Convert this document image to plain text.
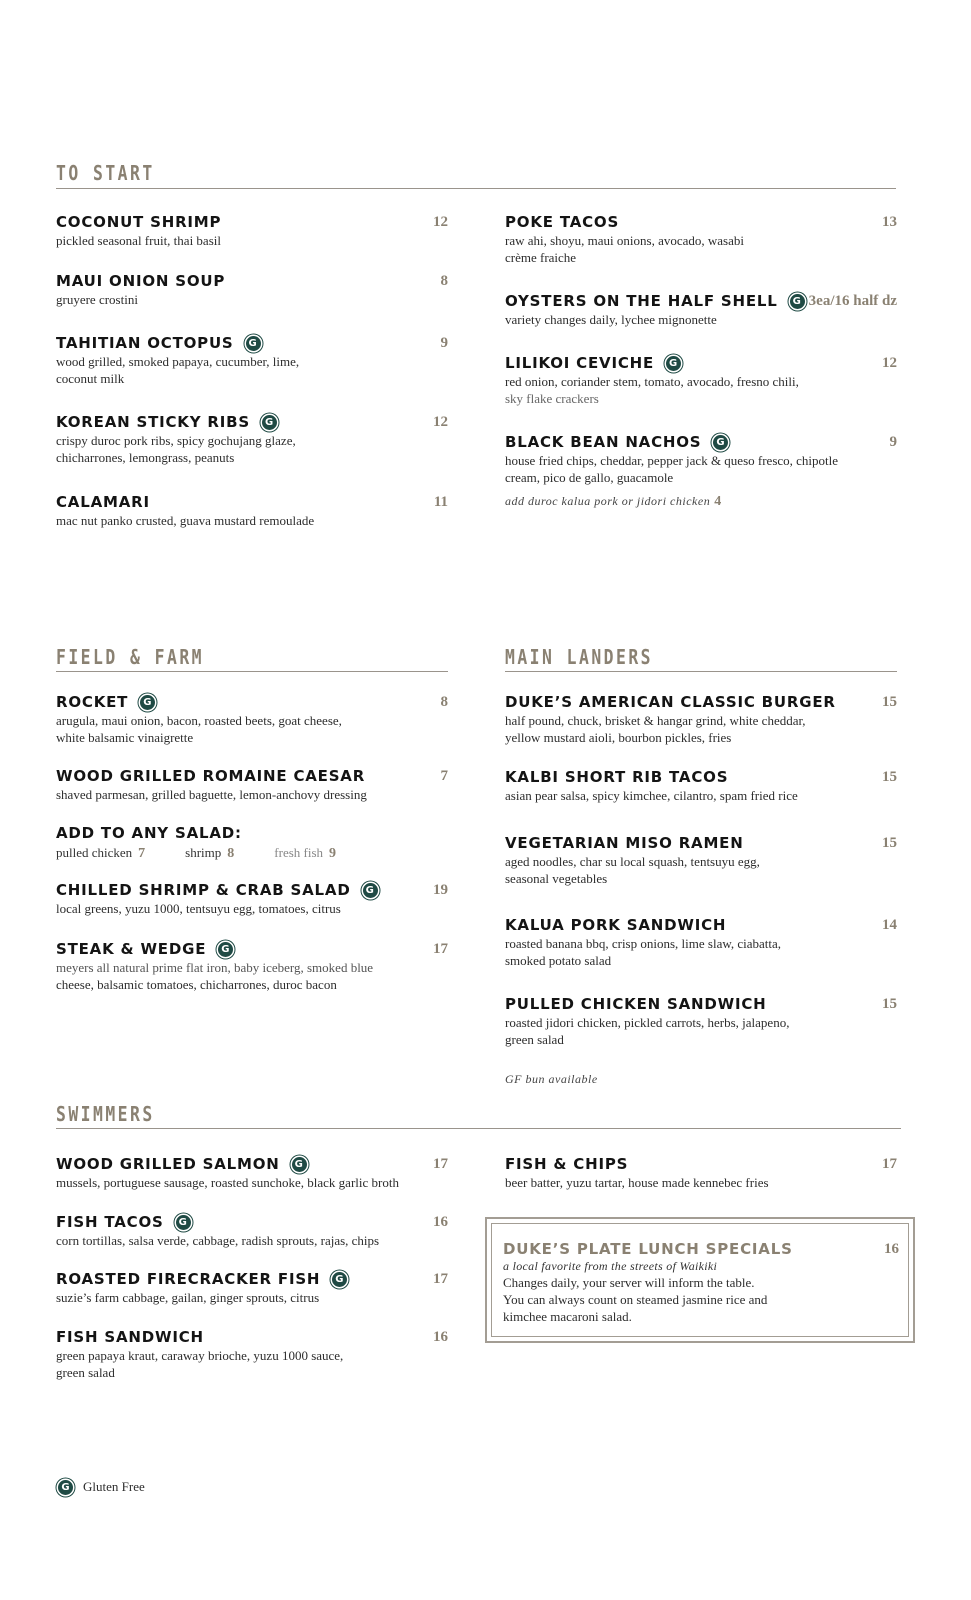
TO START
COCONUT SHRIMP	12
pickled seasonal fruit, thai basil
MAUI ONION SOUP	8
gruyere crostini
TAHITIAN OCTOPUS G	9
wood grilled, smoked papaya, cucumber, lime,
coconut milk
KOREAN STICKY RIBS G	12
crispy duroc pork ribs, spicy gochujang glaze,
chicharrones, lemongrass, peanuts
CALAMARI	11
mac nut panko crusted, guava mustard remoulade
POKE TACOS	13
raw ahi, shoyu, maui onions, avocado, wasabi
crème fraiche
OYSTERS ON THE HALF SHELL G 3ea/16 half dz
variety changes daily, lychee mignonette
LILIKOI CEVICHE G	12
red onion, coriander stem, tomato, avocado, fresno chili,
sky flake crackers
BLACK BEAN NACHOS G	9
house fried chips, cheddar, pepper jack & queso fresco, chipotle
cream, pico de gallo, guacamole
add duroc kalua pork or jidori chicken 4
FIELD & FARM
ROCKET G	8
arugula, maui onion, bacon, roasted beets, goat cheese,
white balsamic vinaigrette
WOOD GRILLED ROMAINE CAESAR	7
shaved parmesan, grilled baguette, lemon-anchovy dressing
ADD TO ANY SALAD:
pulled chicken 7	shrimp 8	fresh fish 9
CHILLED SHRIMP & CRAB SALAD G	19
local greens, yuzu 1000, tentsuyu egg, tomatoes, citrus
STEAK & WEDGE G	17
meyers all natural prime flat iron, baby iceberg, smoked blue
cheese, balsamic tomatoes, chicharrones, duroc bacon
MAIN LANDERS
DUKE’S AMERICAN CLASSIC BURGER	15
half pound, chuck, brisket & hangar grind, white cheddar,
yellow mustard aioli, bourbon pickles, fries
KALBI SHORT RIB TACOS	15
asian pear salsa, spicy kimchee, cilantro, spam fried rice
VEGETARIAN MISO RAMEN	15
aged noodles, char su local squash, tentsuyu egg,
seasonal vegetables
KALUA PORK SANDWICH	14
roasted banana bbq, crisp onions, lime slaw, ciabatta,
smoked potato salad
PULLED CHICKEN SANDWICH	15
roasted jidori chicken, pickled carrots, herbs, jalapeno,
green salad
GF bun available
SWIMMERS
WOOD GRILLED SALMON G	17
mussels, portuguese sausage, roasted sunchoke, black garlic broth
FISH TACOS G	16
corn tortillas, salsa verde, cabbage, radish sprouts, rajas, chips
ROASTED FIRECRACKER FISH G	17
suzie’s farm cabbage, gailan, ginger sprouts, citrus
FISH SANDWICH	16
green papaya kraut, caraway brioche, yuzu 1000 sauce,
green salad
FISH & CHIPS	17
beer batter, yuzu tartar, house made kennebec fries
DUKE’S PLATE LUNCH SPECIALS	16
a local favorite from the streets of Waikiki
Changes daily, your server will inform the table.
You can always count on steamed jasmine rice and
kimchee macaroni salad.
G Gluten Free
